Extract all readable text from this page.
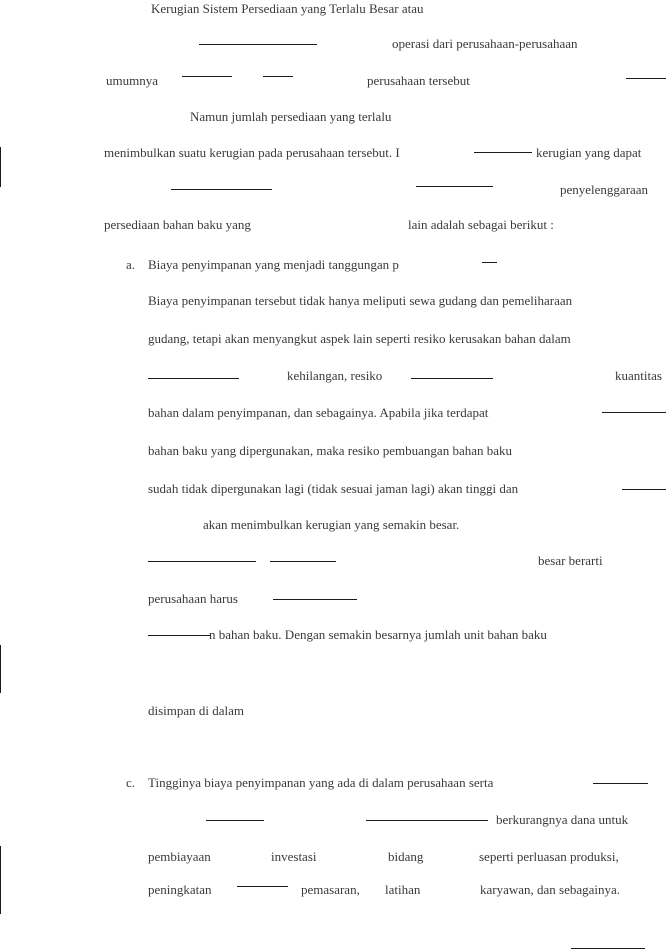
Kerugian Sistem Persediaan yang Terlalu Besar atau
operasi dari perusahaan-perusahaan
umumnya	perusahaan tersebut
Namun jumlah persediaan yang terlalu
menimbulkan suatu kerugian pada perusahaan tersebut. I	kerugian yang dapat
penyelenggaraan
persediaan bahan baku yang	lain adalah sebagai berikut :
a. Biaya penyimpanan yang menjadi tanggungan p
Biaya penyimpanan tersebut tidak hanya meliputi sewa gudang dan pemeliharaan
gudang, tetapi akan menyangkut aspek lain seperti resiko kerusakan bahan dalam
kehilangan, resiko	kuantitas
bahan dalam penyimpanan, dan sebagainya. Apabila jika terdapat
bahan baku yang dipergunakan, maka resiko pembuangan bahan baku
sudah tidak dipergunakan lagi (tidak sesuai jaman lagi) akan tinggi dan
akan menimbulkan kerugian yang semakin besar.
besar berarti
perusahaan harus
n bahan baku. Dengan semakin besarnya jumlah unit bahan baku
disimpan di dalam
c. Tingginya biaya penyimpanan yang ada di dalam perusahaan serta
berkurangnya dana untuk
pembiayaan	investasi	bidang	seperti perluasan produksi,
peningkatan	pemasaran, latihan	karyawan, dan sebagainya.
